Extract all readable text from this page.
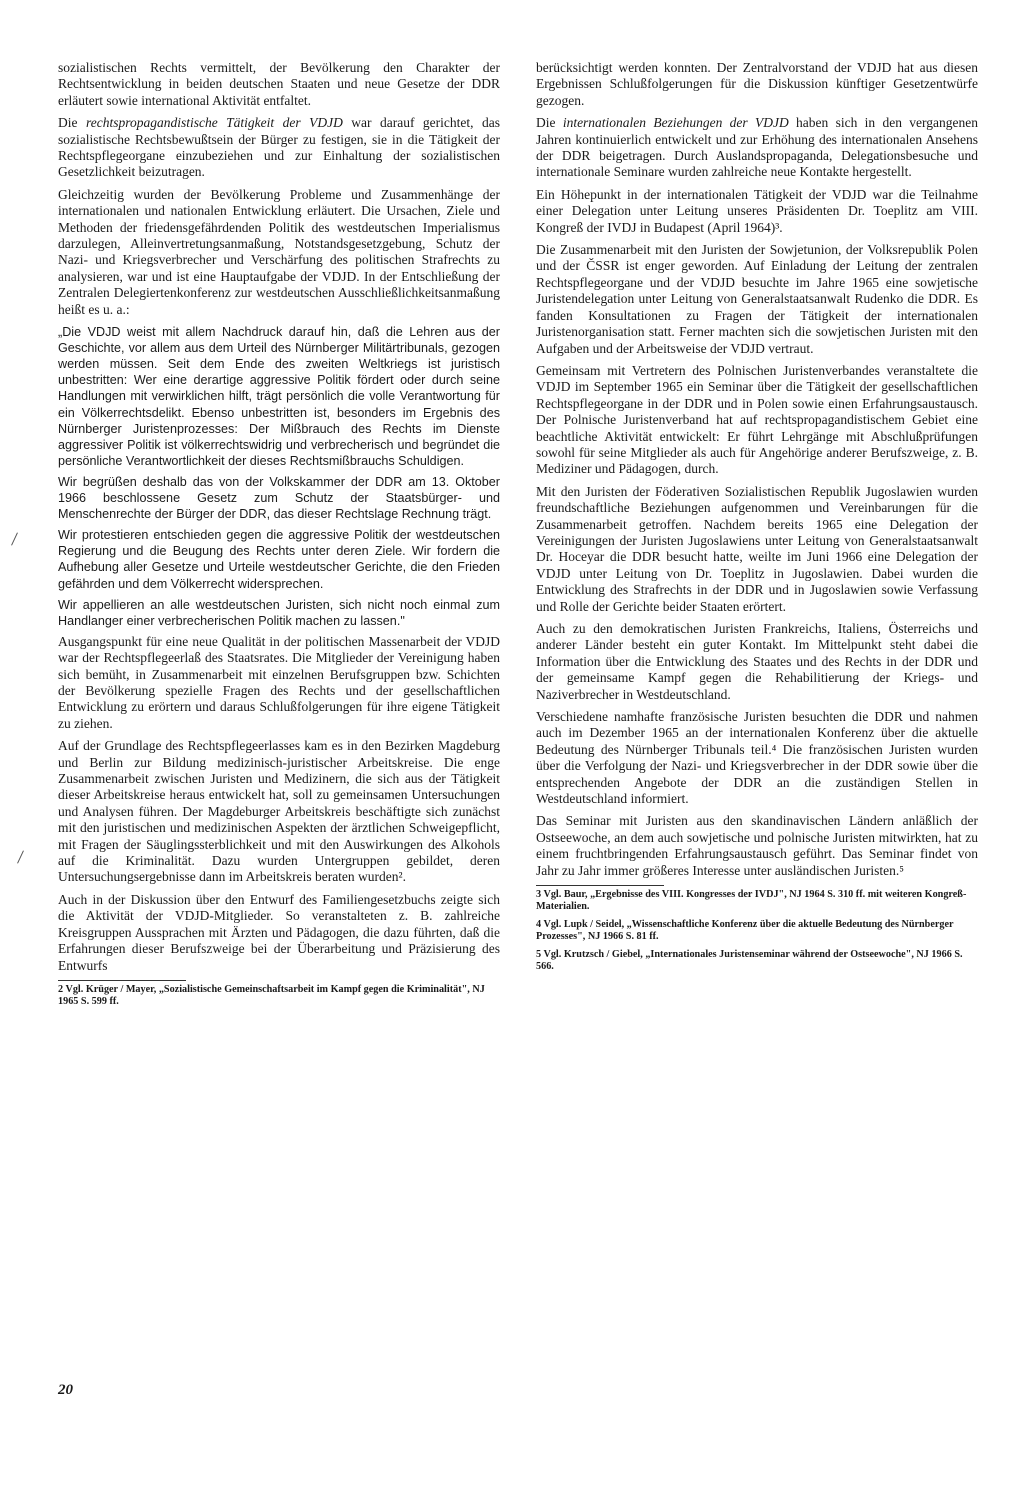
sozialistischen Rechts vermittelt, der Bevölkerung den Charakter der Rechtsentwicklung in beiden deutschen Staaten und neue Gesetze der DDR erläutert sowie international Aktivität entfaltet.

Die rechtspropagandistische Tätigkeit der VDJD war darauf gerichtet, das sozialistische Rechtsbewußtsein der Bürger zu festigen, sie in die Tätigkeit der Rechtspflegeorgane einzubeziehen und zur Einhaltung der sozialistischen Gesetzlichkeit beizutragen.

Gleichzeitig wurden der Bevölkerung Probleme und Zusammenhänge der internationalen und nationalen Entwicklung erläutert. Die Ursachen, Ziele und Methoden der friedensgefährdenden Politik des westdeutschen Imperialismus darzulegen, Alleinvertretungsanmaßung, Notstandsgesetzgebung, Schutz der Nazi- und Kriegsverbrecher und Verschärfung des politischen Strafrechts zu analysieren, war und ist eine Hauptaufgabe der VDJD. In der Entschließung der Zentralen Delegiertenkonferenz zur westdeutschen Ausschließlichkeitsanmaßung heißt es u. a.:

„Die VDJD weist mit allem Nachdruck darauf hin, daß die Lehren aus der Geschichte, vor allem aus dem Urteil des Nürnberger Militärtribunals, gezogen werden müssen. Seit dem Ende des zweiten Weltkriegs ist juristisch unbestritten: Wer eine derartige aggressive Politik fördert oder durch seine Handlungen mit verwirklichen hilft, trägt persönlich die volle Verantwortung für ein Völkerrechtsdelikt. Ebenso unbestritten ist, besonders im Ergebnis des Nürnberger Juristenprozesses: Der Mißbrauch des Rechts im Dienste aggressiver Politik ist völkerrechtswidrig und verbrecherisch und begründet die persönliche Verantwortlichkeit der dieses Rechtsmißbrauchs Schuldigen.

Wir begrüßen deshalb das von der Volkskammer der DDR am 13. Oktober 1966 beschlossene Gesetz zum Schutz der Staatsbürger- und Menschenrechte der Bürger der DDR, das dieser Rechtslage Rechnung trägt.

Wir protestieren entschieden gegen die aggressive Politik der westdeutschen Regierung und die Beugung des Rechts unter deren Ziele. Wir fordern die Aufhebung aller Gesetze und Urteile westdeutscher Gerichte, die den Frieden gefährden und dem Völkerrecht widersprechen.

Wir appellieren an alle westdeutschen Juristen, sich nicht noch einmal zum Handlanger einer verbrecherischen Politik machen zu lassen."

Ausgangspunkt für eine neue Qualität in der politischen Massenarbeit der VDJD war der Rechtspflegeerlaß des Staatsrates. Die Mitglieder der Vereinigung haben sich bemüht, in Zusammenarbeit mit einzelnen Berufsgruppen bzw. Schichten der Bevölkerung spezielle Fragen des Rechts und der gesellschaftlichen Entwicklung zu erörtern und daraus Schlußfolgerungen für ihre eigene Tätigkeit zu ziehen.

Auf der Grundlage des Rechtspflegeerlasses kam es in den Bezirken Magdeburg und Berlin zur Bildung medizinisch-juristischer Arbeitskreise. Die enge Zusammenarbeit zwischen Juristen und Medizinern, die sich aus der Tätigkeit dieser Arbeitskreise heraus entwickelt hat, soll zu gemeinsamen Untersuchungen und Analysen führen. Der Magdeburger Arbeitskreis beschäftigte sich zunächst mit den juristischen und medizinischen Aspekten der ärztlichen Schweigepflicht, mit Fragen der Säuglingssterblichkeit und mit den Auswirkungen des Alkohols auf die Kriminalität. Dazu wurden Untergruppen gebildet, deren Untersuchungsergebnisse dann im Arbeitskreis beraten wurden².

Auch in der Diskussion über den Entwurf des Familiengesetzbuchs zeigte sich die Aktivität der VDJD-Mitglieder. So veranstalteten z. B. zahlreiche Kreisgruppen Aussprachen mit Ärzten und Pädagogen, die dazu führten, daß die Erfahrungen dieser Berufszweige bei der Überarbeitung und Präzisierung des Entwurfs

2 Vgl. Krüger / Mayer, „Sozialistische Gemeinschaftsarbeit im Kampf gegen die Kriminalität", NJ 1965 S. 599 ff.

berücksichtigt werden konnten. Der Zentralvorstand der VDJD hat aus diesen Ergebnissen Schlußfolgerungen für die Diskussion künftiger Gesetzentwürfe gezogen.

Die internationalen Beziehungen der VDJD haben sich in den vergangenen Jahren kontinuierlich entwickelt und zur Erhöhung des internationalen Ansehens der DDR beigetragen. Durch Auslandspropaganda, Delegationsbesuche und internationale Seminare wurden zahlreiche neue Kontakte hergestellt.

Ein Höhepunkt in der internationalen Tätigkeit der VDJD war die Teilnahme einer Delegation unter Leitung unseres Präsidenten Dr. Toeplitz am VIII. Kongreß der IVDJ in Budapest (April 1964)³.

Die Zusammenarbeit mit den Juristen der Sowjetunion, der Volksrepublik Polen und der ČSSR ist enger geworden. Auf Einladung der Leitung der zentralen Rechtspflegeorgane und der VDJD besuchte im Jahre 1965 eine sowjetische Juristendelegation unter Leitung von Generalstaatsanwalt Rudenko die DDR. Es fanden Konsultationen zu Fragen der Tätigkeit der internationalen Juristenorganisation statt. Ferner machten sich die sowjetischen Juristen mit den Aufgaben und der Arbeitsweise der VDJD vertraut.

Gemeinsam mit Vertretern des Polnischen Juristenverbandes veranstaltete die VDJD im September 1965 ein Seminar über die Tätigkeit der gesellschaftlichen Rechtspflegeorgane in der DDR und in Polen sowie einen Erfahrungsaustausch. Der Polnische Juristenverband hat auf rechtspropagandistischem Gebiet eine beachtliche Aktivität entwickelt: Er führt Lehrgänge mit Abschlußprüfungen sowohl für seine Mitglieder als auch für Angehörige anderer Berufszweige, z. B. Mediziner und Pädagogen, durch.

Mit den Juristen der Föderativen Sozialistischen Republik Jugoslawien wurden freundschaftliche Beziehungen aufgenommen und Vereinbarungen für die Zusammenarbeit getroffen. Nachdem bereits 1965 eine Delegation der Vereinigungen der Juristen Jugoslawiens unter Leitung von Generalstaatsanwalt Dr. Hoceyar die DDR besucht hatte, weilte im Juni 1966 eine Delegation der VDJD unter Leitung von Dr. Toeplitz in Jugoslawien. Dabei wurden die Entwicklung des Strafrechts in der DDR und in Jugoslawien sowie Verfassung und Rolle der Gerichte beider Staaten erörtert.

Auch zu den demokratischen Juristen Frankreichs, Italiens, Österreichs und anderer Länder besteht ein guter Kontakt. Im Mittelpunkt steht dabei die Information über die Entwicklung des Staates und des Rechts in der DDR und der gemeinsame Kampf gegen die Rehabilitierung der Kriegs- und Naziverbrecher in Westdeutschland.

Verschiedene namhafte französische Juristen besuchten die DDR und nahmen auch im Dezember 1965 an der internationalen Konferenz über die aktuelle Bedeutung des Nürnberger Tribunals teil.⁴ Die französischen Juristen wurden über die Verfolgung der Nazi- und Kriegsverbrecher in der DDR sowie über die entsprechenden Angebote der DDR an die zuständigen Stellen in Westdeutschland informiert.

Das Seminar mit Juristen aus den skandinavischen Ländern anläßlich der Ostseewoche, an dem auch sowjetische und polnische Juristen mitwirkten, hat zu einem fruchtbringenden Erfahrungsaustausch geführt. Das Seminar findet von Jahr zu Jahr immer größeres Interesse unter ausländischen Juristen.⁵

3 Vgl. Baur, „Ergebnisse des VIII. Kongresses der IVDJ", NJ 1964 S. 310 ff. mit weiteren Kongreß-Materialien.

4 Vgl. Lupk / Seidel, „Wissenschaftliche Konferenz über die aktuelle Bedeutung des Nürnberger Prozesses", NJ 1966 S. 81 ff.

5 Vgl. Krutzsch / Giebel, „Internationales Juristenseminar während der Ostseewoche", NJ 1966 S. 566.

20
